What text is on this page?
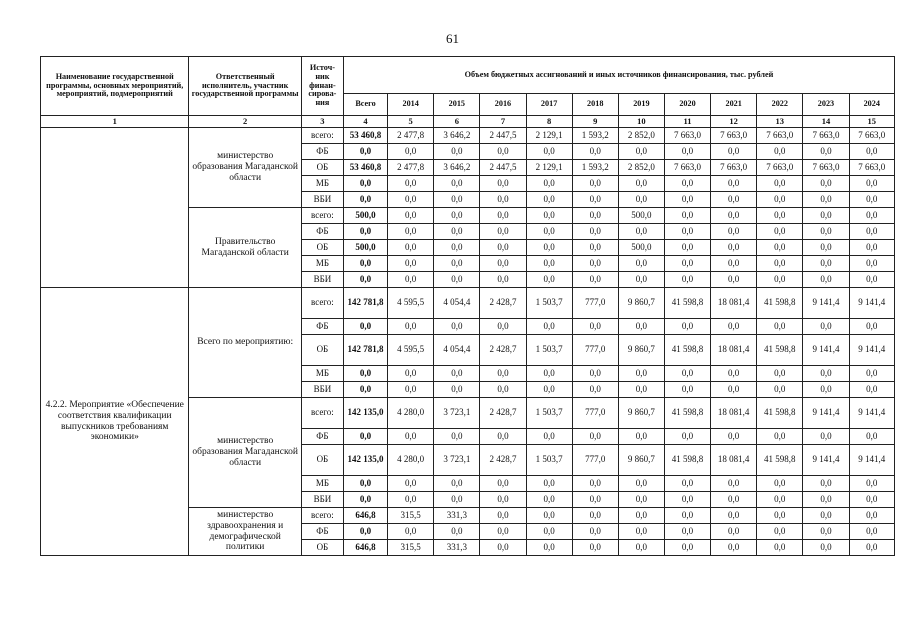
61
Наименование государственной программы, основных мероприятий, мероприятий, подмероприятий	Ответственный исполнитель, участник государственной программы	Источ-ник финан-сирова-ния	Объем бюджетных ассигнований и иных источников финансирования, тыс. рублей											
			Всего	2014	2015	2016	2017	2018	2019	2020	2021	2022	2023	2024
1	2	3	4	5	6	7	8	9	10	11	12	13	14	15
	министерство образования Магаданской области	всего:	53 460,8	2 477,8	3 646,2	2 447,5	2 129,1	1 593,2	2 852,0	7 663,0	7 663,0	7 663,0	7 663,0	7 663,0
		ФБ	0,0	0,0	0,0	0,0	0,0	0,0	0,0	0,0	0,0	0,0	0,0	0,0
		ОБ	53 460,8	2 477,8	3 646,2	2 447,5	2 129,1	1 593,2	2 852,0	7 663,0	7 663,0	7 663,0	7 663,0	7 663,0
		МБ	0,0	0,0	0,0	0,0	0,0	0,0	0,0	0,0	0,0	0,0	0,0	0,0
		ВБИ	0,0	0,0	0,0	0,0	0,0	0,0	0,0	0,0	0,0	0,0	0,0	0,0
	Правительство Магаданской области	всего:	500,0	0,0	0,0	0,0	0,0	0,0	500,0	0,0	0,0	0,0	0,0	0,0
		ФБ	0,0	0,0	0,0	0,0	0,0	0,0	0,0	0,0	0,0	0,0	0,0	0,0
		ОБ	500,0	0,0	0,0	0,0	0,0	0,0	500,0	0,0	0,0	0,0	0,0	0,0
		МБ	0,0	0,0	0,0	0,0	0,0	0,0	0,0	0,0	0,0	0,0	0,0	0,0
		ВБИ	0,0	0,0	0,0	0,0	0,0	0,0	0,0	0,0	0,0	0,0	0,0	0,0
4.2.2. Мероприятие «Обеспечение соответствия квалификации выпускников требованиям экономики»	Всего по мероприятию:	всего:	142 781,8	4 595,5	4 054,4	2 428,7	1 503,7	777,0	9 860,7	41 598,8	18 081,4	41 598,8	9 141,4	9 141,4
		ФБ	0,0	0,0	0,0	0,0	0,0	0,0	0,0	0,0	0,0	0,0	0,0	0,0
		ОБ	142 781,8	4 595,5	4 054,4	2 428,7	1 503,7	777,0	9 860,7	41 598,8	18 081,4	41 598,8	9 141,4	9 141,4
		МБ	0,0	0,0	0,0	0,0	0,0	0,0	0,0	0,0	0,0	0,0	0,0	0,0
		ВБИ	0,0	0,0	0,0	0,0	0,0	0,0	0,0	0,0	0,0	0,0	0,0	0,0
	министерство образования Магаданской области	всего:	142 135,0	4 280,0	3 723,1	2 428,7	1 503,7	777,0	9 860,7	41 598,8	18 081,4	41 598,8	9 141,4	9 141,4
		ФБ	0,0	0,0	0,0	0,0	0,0	0,0	0,0	0,0	0,0	0,0	0,0	0,0
		ОБ	142 135,0	4 280,0	3 723,1	2 428,7	1 503,7	777,0	9 860,7	41 598,8	18 081,4	41 598,8	9 141,4	9 141,4
		МБ	0,0	0,0	0,0	0,0	0,0	0,0	0,0	0,0	0,0	0,0	0,0	0,0
		ВБИ	0,0	0,0	0,0	0,0	0,0	0,0	0,0	0,0	0,0	0,0	0,0	0,0
	министерство здравоохранения и демографической политики	всего:	646,8	315,5	331,3	0,0	0,0	0,0	0,0	0,0	0,0	0,0	0,0	0,0
		ФБ	0,0	0,0	0,0	0,0	0,0	0,0	0,0	0,0	0,0	0,0	0,0	0,0
		ОБ	646,8	315,5	331,3	0,0	0,0	0,0	0,0	0,0	0,0	0,0	0,0	0,0
